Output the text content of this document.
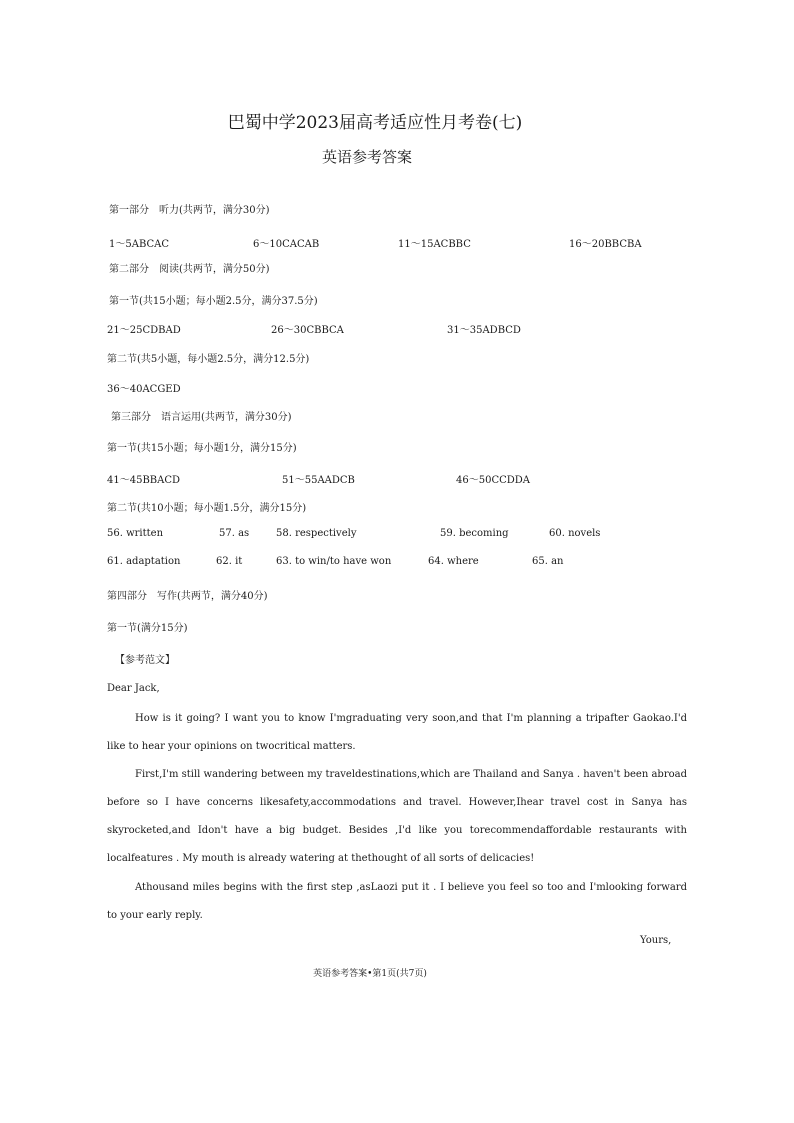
巴蜀中学2023届高考适应性月考卷(七)
英语参考答案
第一部分　听力(共两节，满分30分)
1～5ABCAC	6～10CACAB	11～15ACBBC	16～20BBCBA
第二部分　阅读(共两节，满分50分)
第一节(共15小题；每小题2.5分，满分37.5分)
21～25CDBAD	26～30CBBCA	31～35ADBCD
第二节(共5小题，每小题2.5分，满分12.5分)
36～40ACGED
第三部分　语言运用(共两节，满分30分)
第一节(共15小题；每小题1分，满分15分)
41～45BBACD	51～55AADCB	46～50CCDDA
第二节(共10小题；每小题1.5分，满分15分)
56. written	57. as	58. respectively	59. becoming	60. novels
61. adaptation	62. it	63. to win/to have won	64. where	65. an
第四部分　写作(共两节，满分40分)
第一节(满分15分)
【参考范文】
Dear Jack,
How is it going? I want you to know I'mgraduating very soon,and that I'm planning a tripafter Gaokao.I'd like to hear your opinions on twocritical matters.
First,I'm still wandering between my traveldestinations,which are Thailand and Sanya . haven't been abroad before so I have concerns likesafety,accommodations and travel. However,Ihear travel cost in Sanya has skyrocketed,and Idon't have a big budget. Besides ,I'd like you torecommendaffordable restaurants with localfeatures . My mouth is already watering at thethought of all sorts of delicacies!
Athousand miles begins with the first step ,asLaozi put it . I believe you feel so too and I'mlooking forward to your early reply.
Yours,
英语参考答案•第1页(共7页)
